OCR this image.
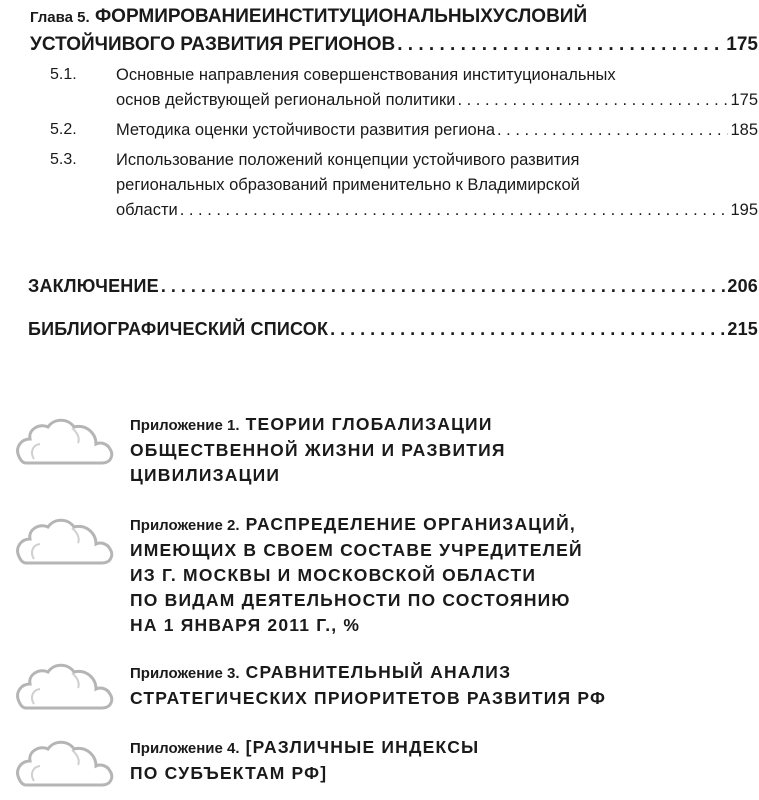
Глава 5. ФОРМИРОВАНИЕИНСТИТУЦИОНАЛЬНЫХУСЛОВИЙ
УСТОЙЧИВОГО РАЗВИТИЯ РЕГИОНОВ . . .	175
5.1. Основные направления совершенствования институциональных
основ действующей региональной политики . . .	175
5.2. Методика оценки устойчивости развития региона . . .	185
5.3. Использование положений концепции устойчивого развития
региональных образований применительно к Владимирской
области . . .	195
ЗАКЛЮЧЕНИЕ . . .	206
БИБЛИОГРАФИЧЕСКИЙ СПИСОК . . .	215
Приложение 1. ТЕОРИИ ГЛОБАЛИЗАЦИИ
ОБЩЕСТВЕННОЙ ЖИЗНИ И РАЗВИТИЯ
ЦИВИЛИЗАЦИИ
Приложение 2. РАСПРЕДЕЛЕНИЕ ОРГАНИЗАЦИЙ,
ИМЕЮЩИХ В СВОЕМ СОСТАВЕ УЧРЕДИТЕЛЕЙ
ИЗ Г. МОСКВЫ И МОСКОВСКОЙ ОБЛАСТИ
ПО ВИДАМ ДЕЯТЕЛЬНОСТИ ПО СОСТОЯНИЮ
НА 1 ЯНВАРЯ 2011 Г., %
Приложение 3. СРАВНИТЕЛЬНЫЙ АНАЛИЗ
СТРАТЕГИЧЕСКИХ ПРИОРИТЕТОВ РАЗВИТИЯ РФ
Приложение 4. [РАЗЛИЧНЫЕ ИНДЕКСЫ
ПО СУБЪЕКТАМ РФ]
